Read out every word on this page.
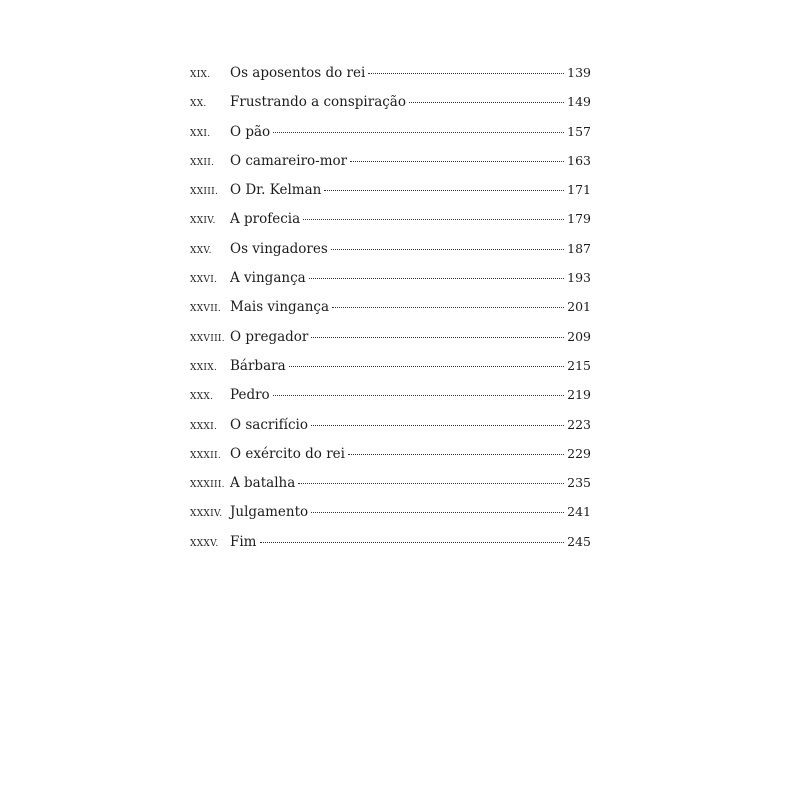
XIX.	Os aposentos do rei	139
XX.	Frustrando a conspiração	149
XXI.	O pão	157
XXII.	O camareiro-mor	163
XXIII. O Dr. Kelman	171
XXIV.	A profecia	179
XXV.	Os vingadores	187
XXVI. A vingança	193
XXVII. Mais vingança	201
XXVIII. O pregador	209
XXIX. Bárbara	215
XXX.	Pedro	219
XXXI. O sacrifício	223
XXXII. O exército do rei	229
XXXIII. A batalha	235
XXXIV. Julgamento	241
XXXV. Fim	245
